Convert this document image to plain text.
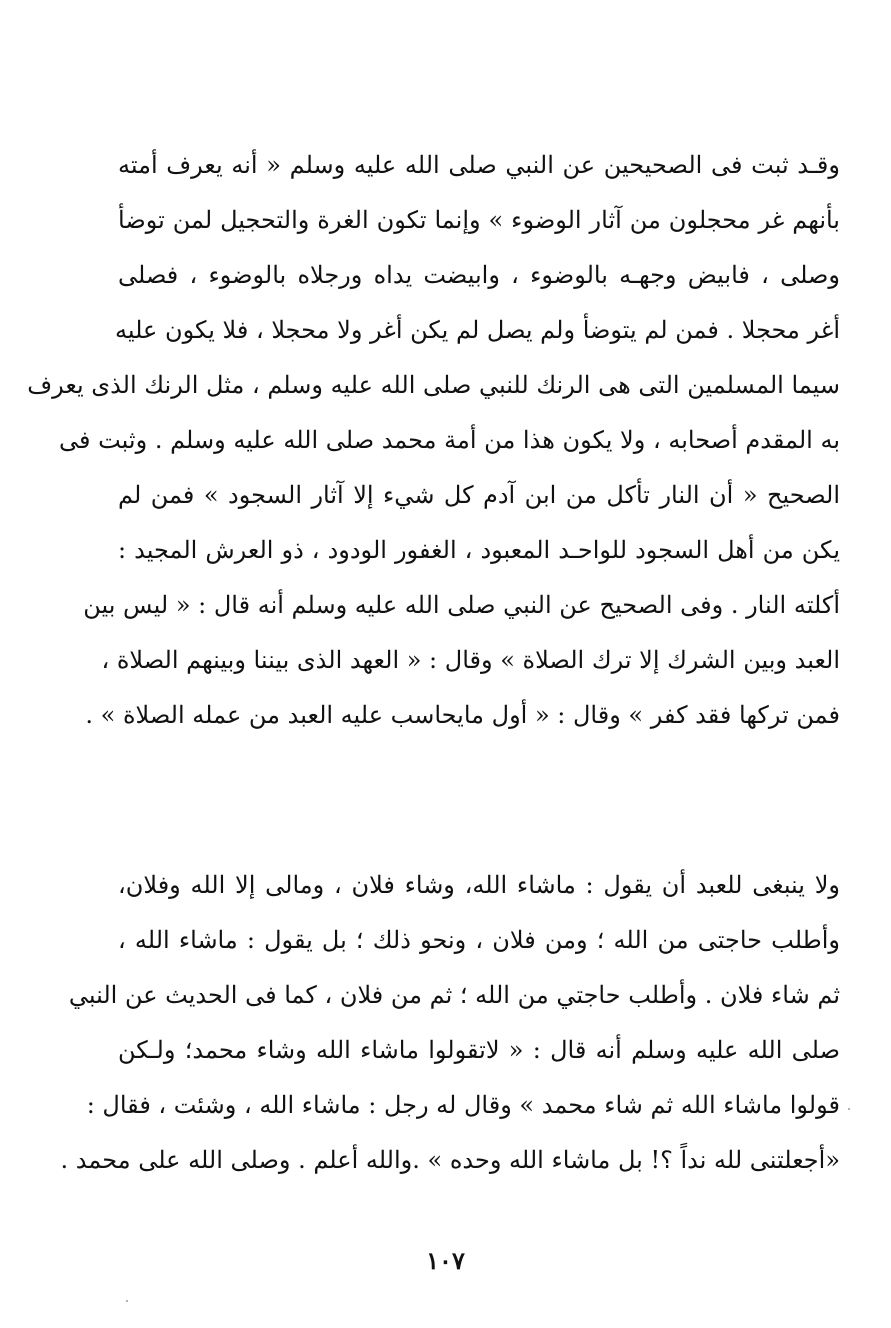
وقـد ثبت فى الصحيحين عن النبي صلى الله عليه وسلم « أنه يعرف أمته
بأنهم غر محجلون من آثار الوضوء » وإنما تكون الغرة والتحجيل لمن توضأ
وصلى ، فابيض وجهـه بالوضوء ، وابيضت يداه ورجلاه بالوضوء ، فصلى
أغر محجلا . فمن لم يتوضأ ولم يصل لم يكن أغر ولا محجلا ، فلا يكون عليه
سيما المسلمين التى هى الرنك للنبي صلى الله عليه وسلم ، مثل الرنك الذى يعرف
به المقدم أصحابه ، ولا يكون هذا من أمة محمد صلى الله عليه وسلم . وثبت فى
الصحيح « أن النار تأكل من ابن آدم كل شيء إلا آثار السجود » فمن لم
يكن من أهل السجود للواحـد المعبود ، الغفور الودود ، ذو العرش المجيد :
أكلته النار . وفى الصحيح عن النبي صلى الله عليه وسلم أنه قال : « ليس بين
العبد وبين الشرك إلا ترك الصلاة » وقال : « العهد الذى بيننا وبينهم الصلاة ،
فمن تركها فقد كفر » وقال : « أول مايحاسب عليه العبد من عمله الصلاة » .
ولا ينبغى للعبد أن يقول : ماشاء الله، وشاء فلان ، ومالى إلا الله وفلان،
وأطلب حاجتى من الله ؛ ومن فلان ، ونحو ذلك ؛ بل يقول : ماشاء الله ،
ثم شاء فلان . وأطلب حاجتي من الله ؛ ثم من فلان ، كما فى الحديث عن النبي
صلى الله عليه وسلم أنه قال : « لاتقولوا ماشاء الله وشاء محمد؛ ولـكن
قولوا ماشاء الله ثم شاء محمد » وقال له رجل : ماشاء الله ، وشئت ، فقال :
«أجعلتنى لله نداً ؟! بل ماشاء الله وحده » .والله أعلم . وصلى الله على محمد .
١٠٧
